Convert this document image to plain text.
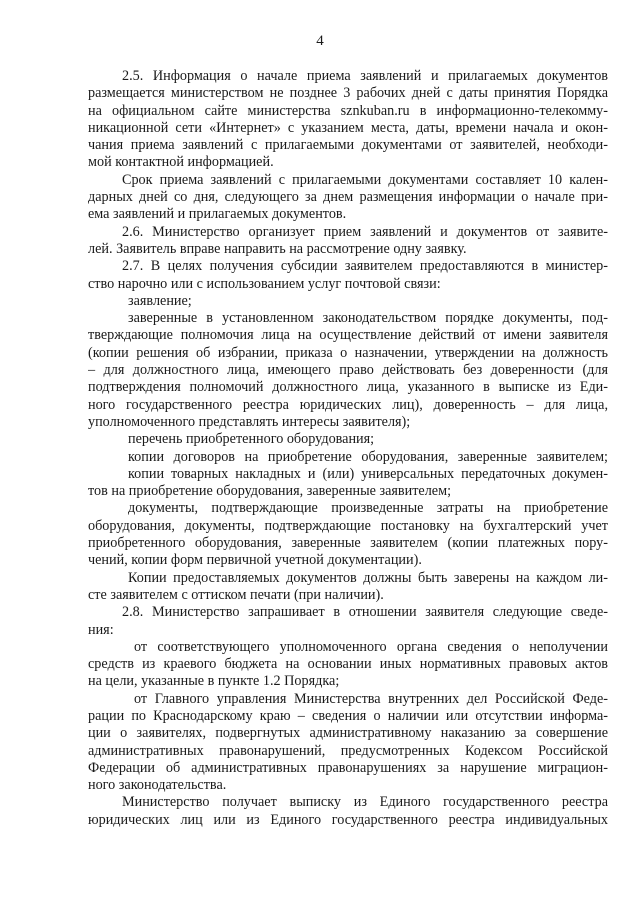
4
2.5. Информация о начале приема заявлений и прилагаемых документов
размещается министерством не позднее 3 рабочих дней с даты принятия Порядка
на официальном сайте министерства sznkuban.ru в информационно-телекомму-
никационной сети «Интернет» с указанием места, даты, времени начала и окон-
чания приема заявлений с прилагаемыми документами от заявителей, необходи-
мой контактной информацией.
Срок приема заявлений с прилагаемыми документами составляет 10 кален-
дарных дней со дня, следующего за днем размещения информации о начале при-
ема заявлений и прилагаемых документов.
2.6. Министерство организует прием заявлений и документов от заявите-
лей. Заявитель вправе направить на рассмотрение одну заявку.
2.7. В целях получения субсидии заявителем предоставляются в министер-
ство нарочно или с использованием услуг почтовой связи:
заявление;
заверенные в установленном законодательством порядке документы, под-
тверждающие полномочия лица на осуществление действий от имени заявителя
(копии решения об избрании, приказа о назначении, утверждении на должность
– для должностного лица, имеющего право действовать без доверенности (для
подтверждения полномочий должностного лица, указанного в выписке из Еди-
ного государственного реестра юридических лиц), доверенность – для лица,
уполномоченного представлять интересы заявителя);
перечень приобретенного оборудования;
копии договоров на приобретение оборудования, заверенные заявителем;
копии товарных накладных и (или) универсальных передаточных докумен-
тов на приобретение оборудования, заверенные заявителем;
документы, подтверждающие произведенные затраты на приобретение
оборудования, документы, подтверждающие постановку на бухгалтерский учет
приобретенного оборудования, заверенные заявителем (копии платежных пору-
чений, копии форм первичной учетной документации).
Копии предоставляемых документов должны быть заверены на каждом ли-
сте заявителем с оттиском печати (при наличии).
2.8. Министерство запрашивает в отношении заявителя следующие сведе-
ния:
от соответствующего уполномоченного органа сведения о неполучении
средств из краевого бюджета на основании иных нормативных правовых актов
на цели, указанные в пункте 1.2 Порядка;
от Главного управления Министерства внутренних дел Российской Феде-
рации по Краснодарскому краю – сведения о наличии или отсутствии информа-
ции о заявителях, подвергнутых административному наказанию за совершение
административных правонарушений, предусмотренных Кодексом Российской
Федерации об административных правонарушениях за нарушение миграцион-
ного законодательства.
Министерство получает выписку из Единого государственного реестра
юридических лиц или из Единого государственного реестра индивидуальных
